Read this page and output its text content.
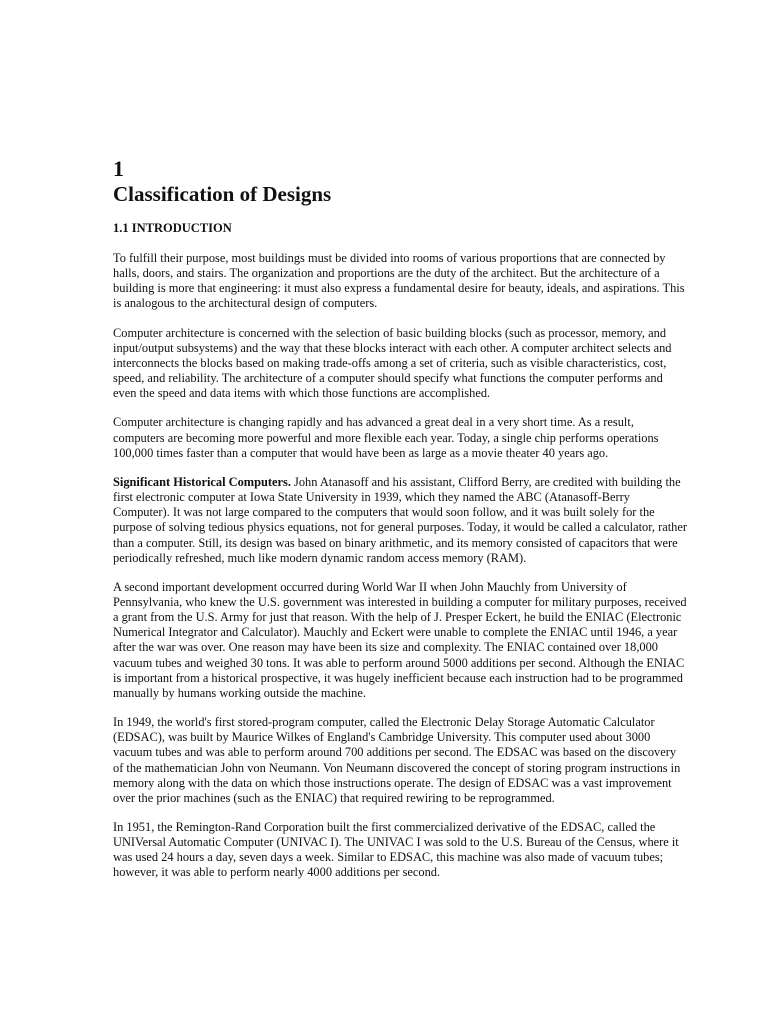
1
Classification of Designs
1.1 INTRODUCTION

To fulfill their purpose, most buildings must be divided into rooms of various proportions that are connected by halls, doors, and stairs. The organization and proportions are the duty of the architect. But the architecture of a building is more that engineering: it must also express a fundamental desire for beauty, ideals, and aspirations. This is analogous to the architectural design of computers.

Computer architecture is concerned with the selection of basic building blocks (such as processor, memory, and input/output subsystems) and the way that these blocks interact with each other. A computer architect selects and interconnects the blocks based on making trade-offs among a set of criteria, such as visible characteristics, cost, speed, and reliability. The architecture of a computer should specify what functions the computer performs and even the speed and data items with which those functions are accomplished.

Computer architecture is changing rapidly and has advanced a great deal in a very short time. As a result, computers are becoming more powerful and more flexible each year. Today, a single chip performs operations 100,000 times faster than a computer that would have been as large as a movie theater 40 years ago.

Significant Historical Computers. John Atanasoff and his assistant, Clifford Berry, are credited with building the first electronic computer at Iowa State University in 1939, which they named the ABC (Atanasoff-Berry Computer). It was not large compared to the computers that would soon follow, and it was built solely for the purpose of solving tedious physics equations, not for general purposes. Today, it would be called a calculator, rather than a computer. Still, its design was based on binary arithmetic, and its memory consisted of capacitors that were periodically refreshed, much like modern dynamic random access memory (RAM).

A second important development occurred during World War II when John Mauchly from University of Pennsylvania, who knew the U.S. government was interested in building a computer for military purposes, received a grant from the U.S. Army for just that reason. With the help of J. Presper Eckert, he build the ENIAC (Electronic Numerical Integrator and Calculator). Mauchly and Eckert were unable to complete the ENIAC until 1946, a year after the war was over. One reason may have been its size and complexity. The ENIAC contained over 18,000 vacuum tubes and weighed 30 tons. It was able to perform around 5000 additions per second. Although the ENIAC is important from a historical prospective, it was hugely inefficient because each instruction had to be programmed manually by humans working outside the machine.

In 1949, the world's first stored-program computer, called the Electronic Delay Storage Automatic Calculator (EDSAC), was built by Maurice Wilkes of England's Cambridge University. This computer used about 3000 vacuum tubes and was able to perform around 700 additions per second. The EDSAC was based on the discovery of the mathematician John von Neumann. Von Neumann discovered the concept of storing program instructions in memory along with the data on which those instructions operate. The design of EDSAC was a vast improvement over the prior machines (such as the ENIAC) that required rewiring to be reprogrammed.

In 1951, the Remington-Rand Corporation built the first commercialized derivative of the EDSAC, called the UNIVersal Automatic Computer (UNIVAC I). The UNIVAC I was sold to the U.S. Bureau of the Census, where it was used 24 hours a day, seven days a week. Similar to EDSAC, this machine was also made of vacuum tubes; however, it was able to perform nearly 4000 additions per second.
